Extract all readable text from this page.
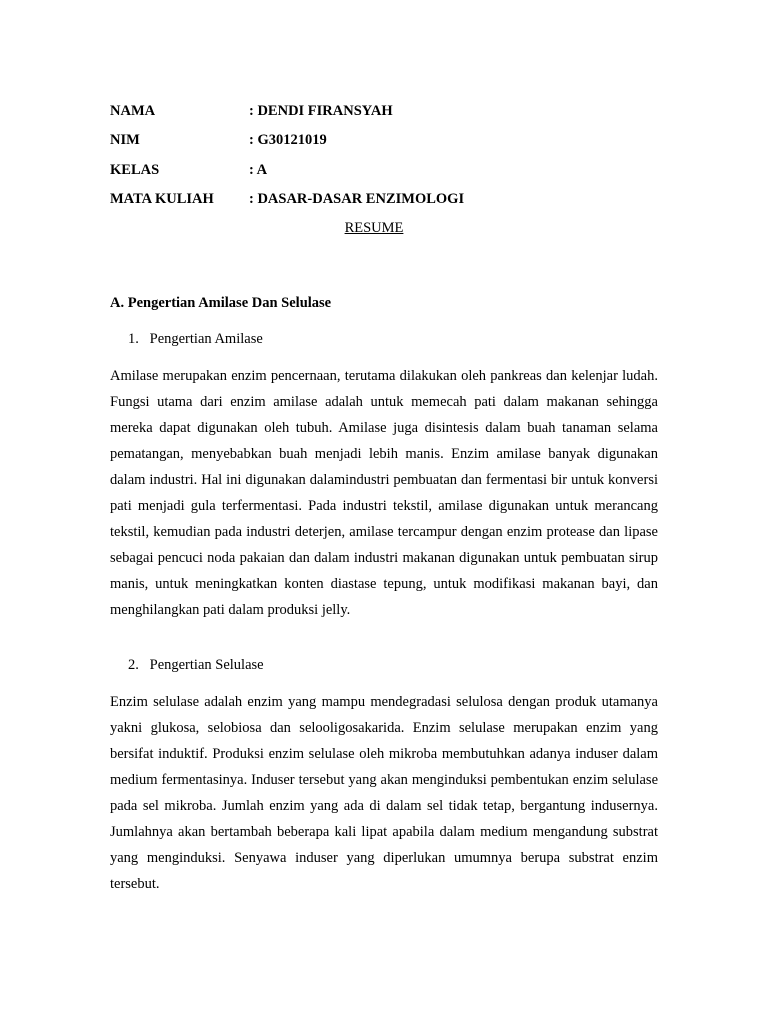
NAMA	: DENDI FIRANSYAH
NIM	: G30121019
KELAS	: A
MATA KULIAH : DASAR-DASAR ENZIMOLOGI
RESUME
A. Pengertian Amilase Dan Selulase
1. Pengertian Amilase

Amilase merupakan enzim pencernaan, terutama dilakukan oleh pankreas dan kelenjar ludah. Fungsi utama dari enzim amilase adalah untuk memecah pati dalam makanan sehingga mereka dapat digunakan oleh tubuh. Amilase juga disintesis dalam buah tanaman selama pematangan, menyebabkan buah menjadi lebih manis. Enzim amilase banyak digunakan dalam industri. Hal ini digunakan dalamindustri pembuatan dan fermentasi bir untuk konversi pati menjadi gula terfermentasi. Pada industri tekstil, amilase digunakan untuk merancang tekstil, kemudian pada industri deterjen, amilase tercampur dengan enzim protease dan lipase sebagai pencuci noda pakaian dan dalam industri makanan digunakan untuk pembuatan sirup manis, untuk meningkatkan konten diastase tepung, untuk modifikasi makanan bayi, dan menghilangkan pati dalam produksi jelly.

2. Pengertian Selulase

Enzim selulase adalah enzim yang mampu mendegradasi selulosa dengan produk utamanya yakni glukosa, selobiosa dan selooligosakarida. Enzim selulase merupakan enzim yang bersifat induktif. Produksi enzim selulase oleh mikroba membutuhkan adanya induser dalam medium fermentasinya. Induser tersebut yang akan menginduksi pembentukan enzim selulase pada sel mikroba. Jumlah enzim yang ada di dalam sel tidak tetap, bergantung indusernya. Jumlahnya akan bertambah beberapa kali lipat apabila dalam medium mengandung substrat yang menginduksi. Senyawa induser yang diperlukan umumnya berupa substrat enzim tersebut.
